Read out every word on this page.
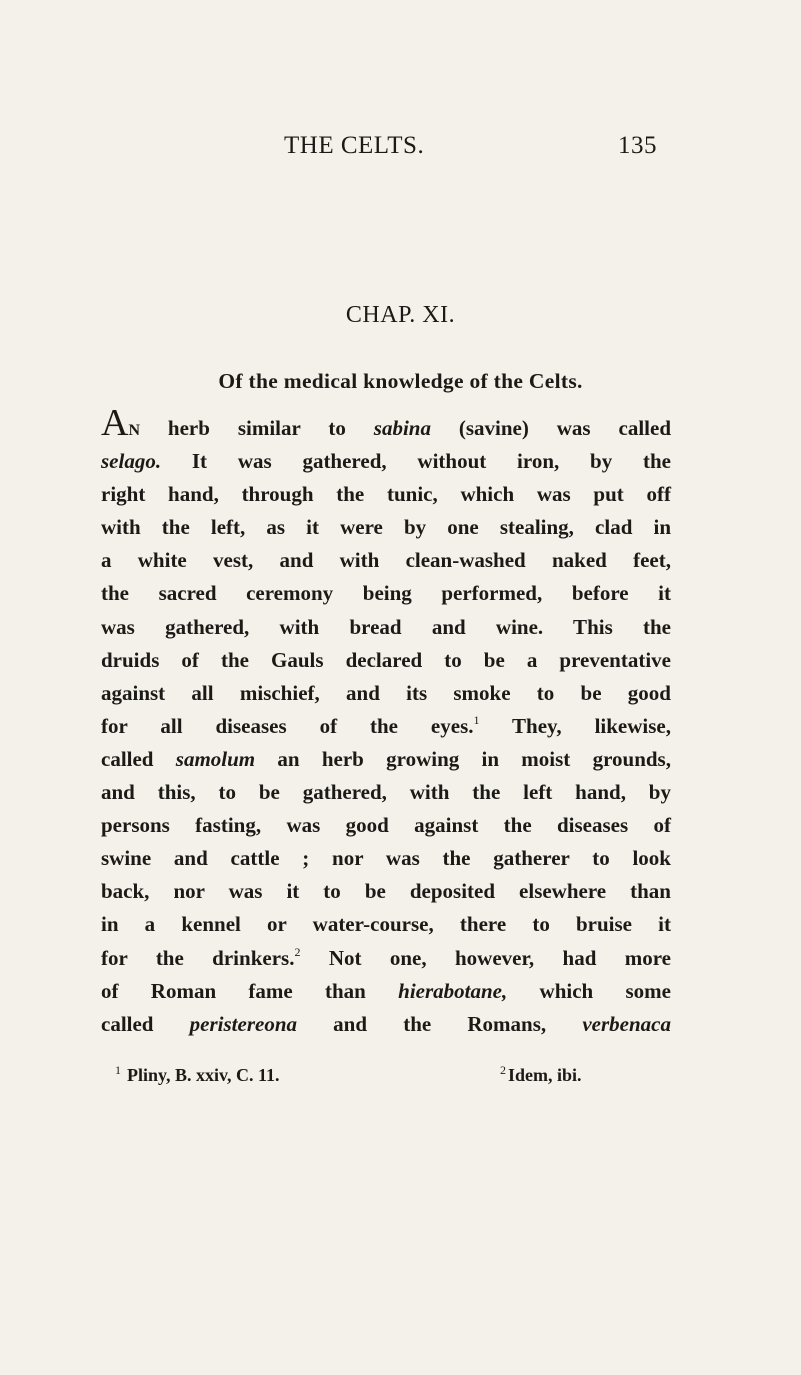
THE CELTS.	135
CHAP. XI.
Of the medical knowledge of the Celts.
AN herb similar to sabina (savine) was called
selago. It was gathered, without iron, by the
right hand, through the tunic, which was put off
with the left, as it were by one stealing, clad in
a white vest, and with clean-washed naked feet,
the sacred ceremony being performed, before it
was gathered, with bread and wine. This the
druids of the Gauls declared to be a preventative
against all mischief, and its smoke to be good
for all diseases of the eyes.$^1$ They, likewise,
called samolum an herb growing in moist grounds,
and this, to be gathered, with the left hand, by
persons fasting, was good against the diseases of
swine and cattle ; nor was the gatherer to look
back, nor was it to be deposited elsewhere than
in a kennel or water-course, there to bruise it
for the drinkers.$^2$ Not one, however, had more
of Roman fame than hierabotane, which some
called peristereona and the Romans, verbenaca
$^1$ Pliny, B. xxiv, C. 11.	$^2$ Idem, ibi.
